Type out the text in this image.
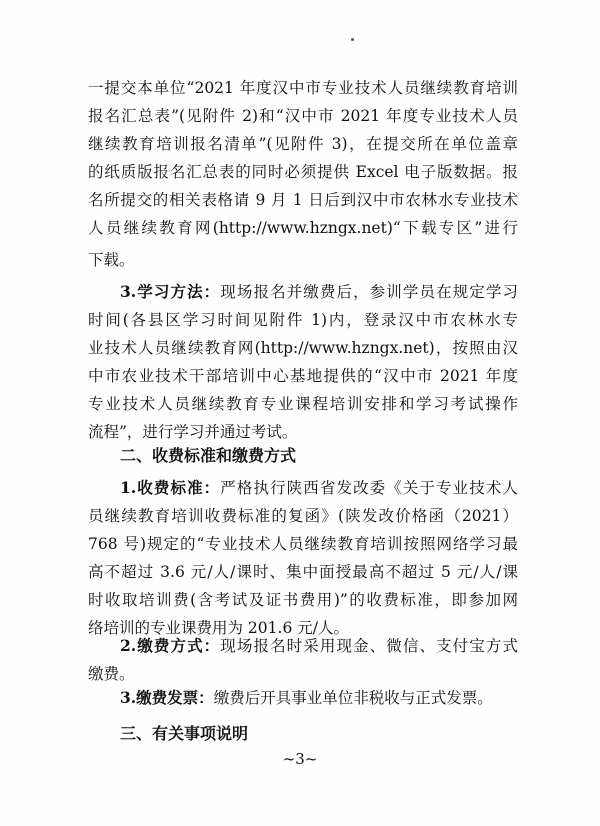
一提交本单位“2021 年度汉中市专业技术人员继续教育培训
报名汇总表”(见附件 2)和“汉中市 2021 年度专业技术人员
继续教育培训报名清单”(见附件 3)，在提交所在单位盖章
的纸质版报名汇总表的同时必须提供 Excel 电子版数据。报
名所提交的相关表格请 9 月 1 日后到汉中市农林水专业技术
人员继续教育网(http://www.hzngx.net)“下载专区”进行
下载。
3.学习方法：现场报名并缴费后，参训学员在规定学习
时间(各县区学习时间见附件 1)内，登录汉中市农林水专
业技术人员继续教育网(http://www.hzngx.net)，按照由汉
中市农业技术干部培训中心基地提供的“汉中市 2021 年度
专业技术人员继续教育专业课程培训安排和学习考试操作
流程”，进行学习并通过考试。
二、收费标准和缴费方式
1.收费标准：严格执行陕西省发改委《关于专业技术人
员继续教育培训收费标准的复函》(陕发改价格函（2021）
768 号)规定的“专业技术人员继续教育培训按照网络学习最
高不超过 3.6 元/人/课时、集中面授最高不超过 5 元/人/课
时收取培训费(含考试及证书费用)”的收费标准，即参加网
络培训的专业课费用为 201.6 元/人。
2.缴费方式：现场报名时采用现金、微信、支付宝方式
缴费。
3.缴费发票：缴费后开具事业单位非税收与正式发票。
三、有关事项说明
~3~
